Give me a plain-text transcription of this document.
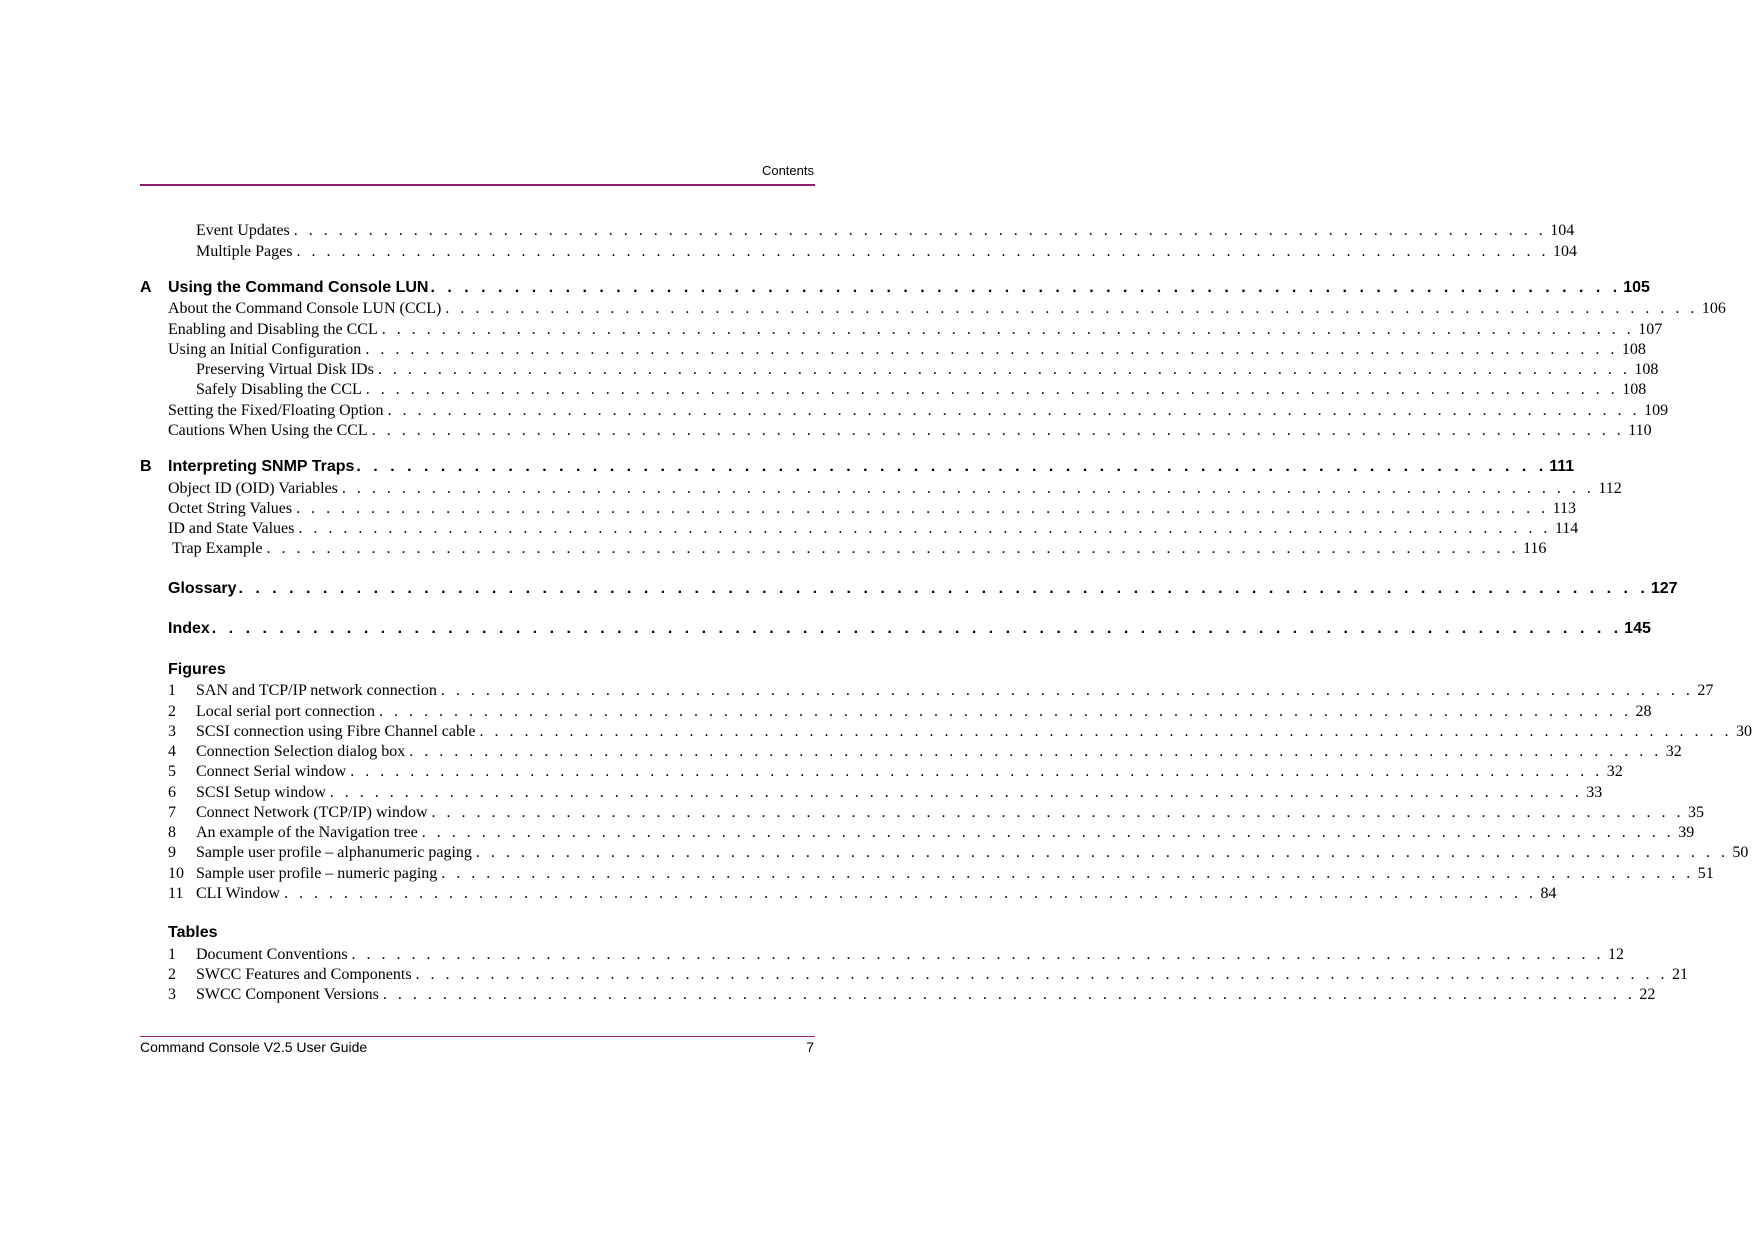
Contents
Event Updates . . . . . . . . . . . . . . . . . . . . . . . . . . . . . . . . . . . . . . . . . . . . . . . . . . . . . . . . . . . . . . . . . . . . . . . . . . . . . . . . . . . . 104
Multiple Pages . . . . . . . . . . . . . . . . . . . . . . . . . . . . . . . . . . . . . . . . . . . . . . . . . . . . . . . . . . . . . . . . . . . . . . . . . . . . . . . . . . . . 104
A	Using the Command Console LUN . . . . . . . . . . . . . . . . . . . . . . . . . . . . . . . . . . . . . . . . . . . . . . . . . . . . . . . . . . . . . . . . . . . . . . . 105
About the Command Console LUN (CCL) . . . . . . . . . . . . . . . . . . . . . . . . . . . . . . . . . . . . . . . . . . . . . . . . . . . . . . . . . . . . . . . . . . . . . . . . . . . . . . . . . . . . 106
Enabling and Disabling the CCL . . . . . . . . . . . . . . . . . . . . . . . . . . . . . . . . . . . . . . . . . . . . . . . . . . . . . . . . . . . . . . . . . . . . . . . . . . . . . . . . . . . . 107
Using an Initial Configuration . . . . . . . . . . . . . . . . . . . . . . . . . . . . . . . . . . . . . . . . . . . . . . . . . . . . . . . . . . . . . . . . . . . . . . . . . . . . . . . . . . . . 108
Preserving Virtual Disk IDs . . . . . . . . . . . . . . . . . . . . . . . . . . . . . . . . . . . . . . . . . . . . . . . . . . . . . . . . . . . . . . . . . . . . . . . . . . . . . . . . . . . . 108
Safely Disabling the CCL . . . . . . . . . . . . . . . . . . . . . . . . . . . . . . . . . . . . . . . . . . . . . . . . . . . . . . . . . . . . . . . . . . . . . . . . . . . . . . . . . . . . 108
Setting the Fixed/Floating Option . . . . . . . . . . . . . . . . . . . . . . . . . . . . . . . . . . . . . . . . . . . . . . . . . . . . . . . . . . . . . . . . . . . . . . . . . . . . . . . . . . . . 109
Cautions When Using the CCL . . . . . . . . . . . . . . . . . . . . . . . . . . . . . . . . . . . . . . . . . . . . . . . . . . . . . . . . . . . . . . . . . . . . . . . . . . . . . . . . . . . . 110
B	Interpreting SNMP Traps . . . . . . . . . . . . . . . . . . . . . . . . . . . . . . . . . . . . . . . . . . . . . . . . . . . . . . . . . . . . . . . . . . . . . . . 111
Object ID (OID) Variables . . . . . . . . . . . . . . . . . . . . . . . . . . . . . . . . . . . . . . . . . . . . . . . . . . . . . . . . . . . . . . . . . . . . . . . . . . . . . . . . . . . . 112
Octet String Values . . . . . . . . . . . . . . . . . . . . . . . . . . . . . . . . . . . . . . . . . . . . . . . . . . . . . . . . . . . . . . . . . . . . . . . . . . . . . . . . . . . . 113
ID and State Values . . . . . . . . . . . . . . . . . . . . . . . . . . . . . . . . . . . . . . . . . . . . . . . . . . . . . . . . . . . . . . . . . . . . . . . . . . . . . . . . . . . . 114
Trap Example . . . . . . . . . . . . . . . . . . . . . . . . . . . . . . . . . . . . . . . . . . . . . . . . . . . . . . . . . . . . . . . . . . . . . . . . . . . . . . . . . . . . 116
Glossary . . . . . . . . . . . . . . . . . . . . . . . . . . . . . . . . . . . . . . . . . . . . . . . . . . . . . . . . . . . . . . . . . . . . . . . . . . . . . . . . . . . . 127
Index . . . . . . . . . . . . . . . . . . . . . . . . . . . . . . . . . . . . . . . . . . . . . . . . . . . . . . . . . . . . . . . . . . . . . . . . . . . . . . . . . . . . 145
Figures
1	SAN and TCP/IP network connection . . . . . . . . . . . . . . . . . . . . . . . . . . . . . . . . . . . . . . . . . . . . . . . . . . . . . . . . . . . . . . . . . . . . . . . . . . . . . . . . . . . . 27
2	Local serial port connection . . . . . . . . . . . . . . . . . . . . . . . . . . . . . . . . . . . . . . . . . . . . . . . . . . . . . . . . . . . . . . . . . . . . . . . . . . . . . . . . . . . . 28
3	SCSI connection using Fibre Channel cable . . . . . . . . . . . . . . . . . . . . . . . . . . . . . . . . . . . . . . . . . . . . . . . . . . . . . . . . . . . . . . . . . . . . . . . . . . . . . . . . . . . . 30
4	Connection Selection dialog box . . . . . . . . . . . . . . . . . . . . . . . . . . . . . . . . . . . . . . . . . . . . . . . . . . . . . . . . . . . . . . . . . . . . . . . . . . . . . . . . . . . . 32
5	Connect Serial window . . . . . . . . . . . . . . . . . . . . . . . . . . . . . . . . . . . . . . . . . . . . . . . . . . . . . . . . . . . . . . . . . . . . . . . . . . . . . . . . . . . . 32
6	SCSI Setup window . . . . . . . . . . . . . . . . . . . . . . . . . . . . . . . . . . . . . . . . . . . . . . . . . . . . . . . . . . . . . . . . . . . . . . . . . . . . . . . . . . . . 33
7	Connect Network (TCP/IP) window . . . . . . . . . . . . . . . . . . . . . . . . . . . . . . . . . . . . . . . . . . . . . . . . . . . . . . . . . . . . . . . . . . . . . . . . . . . . . . . . . . . . 35
8	An example of the Navigation tree . . . . . . . . . . . . . . . . . . . . . . . . . . . . . . . . . . . . . . . . . . . . . . . . . . . . . . . . . . . . . . . . . . . . . . . . . . . . . . . . . . . . 39
9	Sample user profile – alphanumeric paging . . . . . . . . . . . . . . . . . . . . . . . . . . . . . . . . . . . . . . . . . . . . . . . . . . . . . . . . . . . . . . . . . . . . . . . . . . . . . . . . . . . . 50
10 Sample user profile – numeric paging . . . . . . . . . . . . . . . . . . . . . . . . . . . . . . . . . . . . . . . . . . . . . . . . . . . . . . . . . . . . . . . . . . . . . . . . . . . . . . . . . . . . 51
11 CLI Window . . . . . . . . . . . . . . . . . . . . . . . . . . . . . . . . . . . . . . . . . . . . . . . . . . . . . . . . . . . . . . . . . . . . . . . . . . . . . . . . . . . . 84
Tables
1	Document Conventions . . . . . . . . . . . . . . . . . . . . . . . . . . . . . . . . . . . . . . . . . . . . . . . . . . . . . . . . . . . . . . . . . . . . . . . . . . . . . . . . . . . . 12
2	SWCC Features and Components . . . . . . . . . . . . . . . . . . . . . . . . . . . . . . . . . . . . . . . . . . . . . . . . . . . . . . . . . . . . . . . . . . . . . . . . . . . . . . . . . . . . 21
3	SWCC Component Versions . . . . . . . . . . . . . . . . . . . . . . . . . . . . . . . . . . . . . . . . . . . . . . . . . . . . . . . . . . . . . . . . . . . . . . . . . . . . . . . . . . . . 22
Command Console V2.5 User Guide	7
